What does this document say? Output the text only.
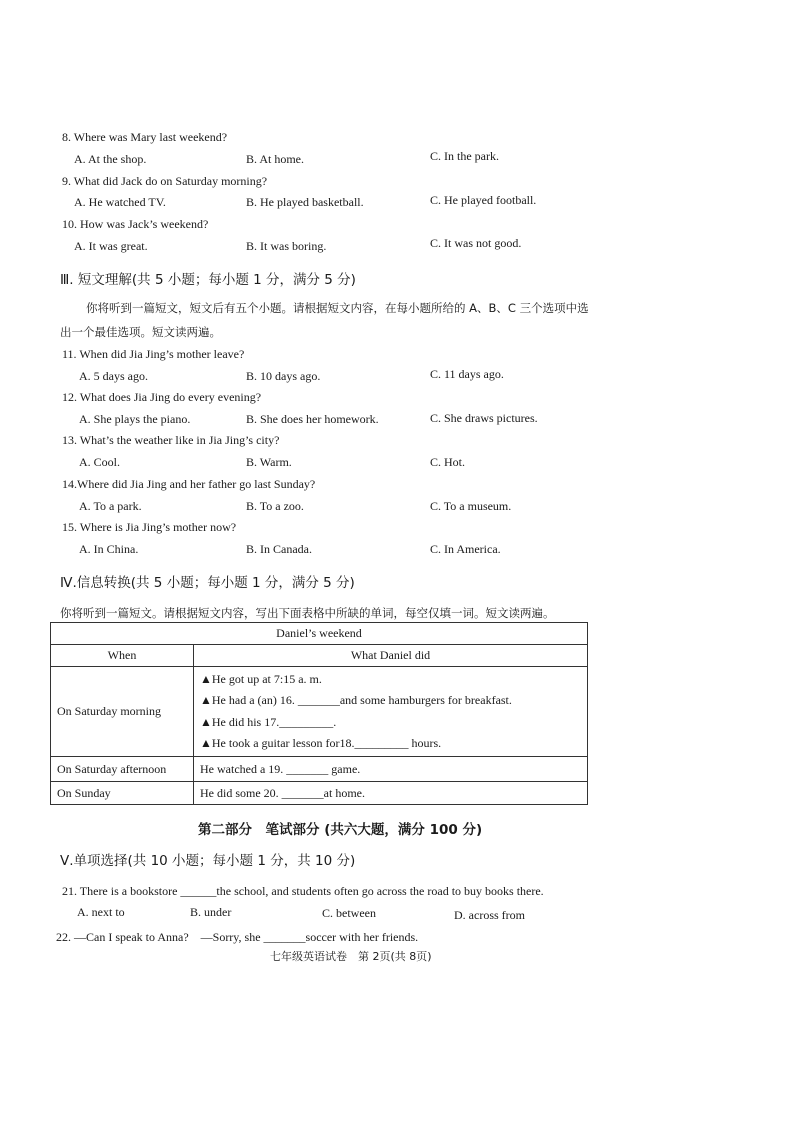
8. Where was Mary last weekend?
A. At the shop.	B. At home.	C. In the park.
9. What did Jack do on Saturday morning?
A. He watched TV.	B. He played basketball.	C. He played football.
10. How was Jack’s weekend?
A. It was great.	B. It was boring.	C. It was not good.
Ⅲ. 短文理解(共 5 小题；每小题 1 分，满分 5 分)
你将听到一篇短文，短文后有五个小题。请根据短文内容，在每小题所给的 A、B、C 三个选项中选
出一个最佳选项。短文读两遍。
11. When did Jia Jing’s mother leave?
A. 5 days ago.	B. 10 days ago.	C. 11 days ago.
12. What does Jia Jing do every evening?
A. She plays the piano.	B. She does her homework.	C. She draws pictures.
13. What’s the weather like in Jia Jing’s city?
A. Cool.	B. Warm.	C. Hot.
14.Where did Jia Jing and her father go last Sunday?
A. To a park.	B. To a zoo.	C. To a museum.
15. Where is Jia Jing’s mother now?
A. In China.	B. In Canada.	C. In America.
Ⅳ.信息转换(共 5 小题；每小题 1 分，满分 5 分)
你将听到一篇短文。请根据短文内容，写出下面表格中所缺的单词，每空仅填一词。短文读两遍。
Daniel’s weekend	
When	What Daniel did
On Saturday morning	▲He got up at 7:15 a. m.
▲He had a (an) 16. _______and some hamburgers for breakfast.
▲He did his 17._________.
▲He took a guitar lesson for18._________ hours.

On Saturday afternoon	He watched a 19. _______ game.
On Sunday	He did some 20. _______at home.
第二部分　笔试部分 (共六大题，满分 100 分)
Ⅴ.单项选择(共 10 小题；每小题 1 分，共 10 分)
21. There is a bookstore ______the school, and students often go across the road to buy books there.
A. next to	B. under	C. between	D. across from
22. —Can I speak to Anna?　—Sorry, she _______soccer with her friends.
七年级英语试卷　第 2页(共 8页)
